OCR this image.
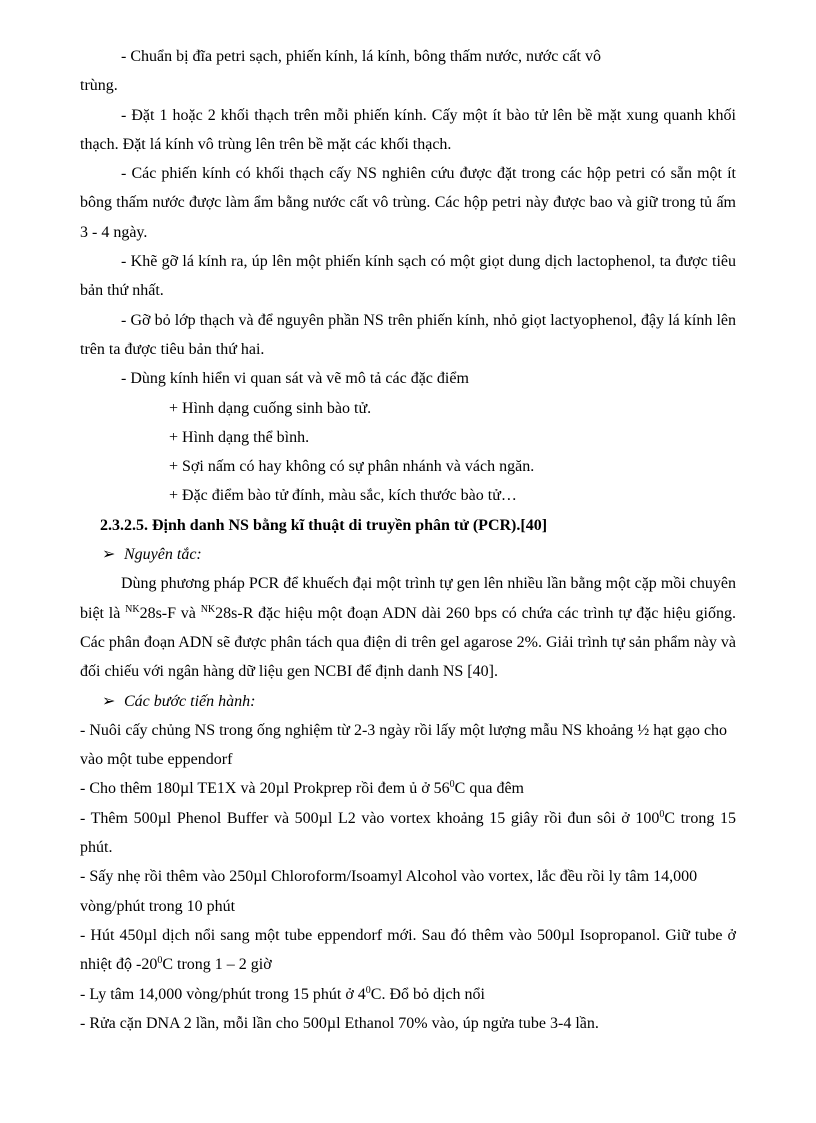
- Chuẩn bị đĩa petri sạch, phiến kính, lá kính, bông thấm nước, nước cất vô

trùng.

- Đặt 1 hoặc 2 khối thạch trên mỗi phiến kính. Cấy một ít bào tử lên bề mặt xung quanh khối thạch. Đặt lá kính vô trùng lên trên bề mặt các khối thạch.

- Các phiến kính có khối thạch cấy NS nghiên cứu được đặt trong các hộp petri có sẵn một ít bông thấm nước được làm ẩm bằng nước cất vô trùng. Các hộp petri này được bao và giữ trong tủ ấm 3 - 4 ngày.

- Khẽ gỡ lá kính ra, úp lên một phiến kính sạch có một giọt dung dịch lactophenol, ta được tiêu bản thứ nhất.

- Gỡ bỏ lớp thạch và để nguyên phần NS trên phiến kính, nhỏ giọt lactyophenol, đậy lá kính lên trên ta được tiêu bản thứ hai.

- Dùng kính hiển vi quan sát và vẽ mô tả các đặc điểm

+ Hình dạng cuống sinh bào tử.

+ Hình dạng thể bình.

+ Sợi nấm có hay không có sự phân nhánh và vách ngăn.

+ Đặc điểm bào tử đính, màu sắc, kích thước bào tử…

2.3.2.5. Định danh NS bằng kĩ thuật di truyền phân tử (PCR).[40]

➢ Nguyên tắc:

Dùng phương pháp PCR để khuếch đại một trình tự gen lên nhiều lần bằng một cặp mồi chuyên biệt là $^{NK}$28s-F và $^{NK}$28s-R đặc hiệu một đoạn ADN dài 260 bps có chứa các trình tự đặc hiệu giống. Các phân đoạn ADN sẽ được phân tách qua điện di trên gel agarose 2%. Giải trình tự sản phẩm này và đối chiếu với ngân hàng dữ liệu gen NCBI để định danh NS [40].

➢ Các bước tiến hành:

- Nuôi cấy chủng NS trong ống nghiệm từ 2-3 ngày rồi lấy một lượng mẫu NS khoảng ½ hạt gạo cho vào một tube eppendorf

- Cho thêm 180µl TE1X và 20µl Prokprep rồi đem ủ ở $56^0C$ qua đêm

- Thêm 500µl Phenol Buffer và 500µl L2 vào vortex khoảng 15 giây rồi đun sôi ở $100^0C$ trong 15 phút.

- Sấy nhẹ rồi thêm vào 250µl Chloroform/Isoamyl Alcohol vào vortex, lắc đều rồi ly tâm 14,000 vòng/phút trong 10 phút

- Hút 450µl dịch nổi sang một tube eppendorf mới. Sau đó thêm vào 500µl Isopropanol. Giữ tube ở nhiệt độ $-20^0C$ trong 1 – 2 giờ

- Ly tâm 14,000 vòng/phút trong 15 phút ở $4^0C$. Đổ bỏ dịch nổi

- Rửa cặn DNA 2 lần, mỗi lần cho 500µl Ethanol 70% vào, úp ngửa tube 3-4 lần.
